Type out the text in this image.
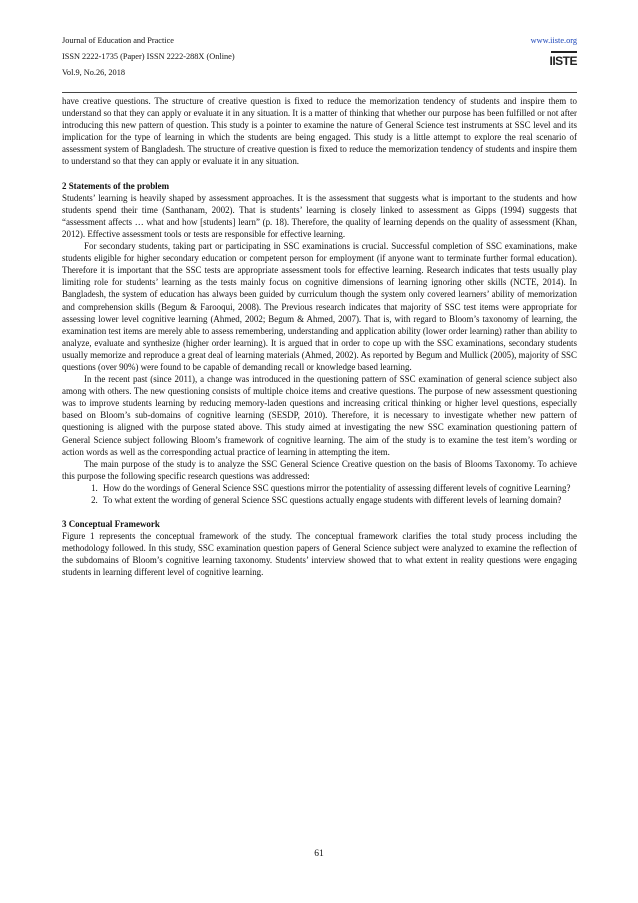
Journal of Education and Practice
ISSN 2222-1735 (Paper) ISSN 2222-288X (Online)
Vol.9, No.26, 2018
www.iiste.org
IISTE

have creative questions. The structure of creative question is fixed to reduce the memorization tendency of students and inspire them to understand so that they can apply or evaluate it in any situation. It is a matter of thinking that whether our purpose has been fulfilled or not after introducing this new pattern of question. This study is a pointer to examine the nature of General Science test instruments at SSC level and its implication for the type of learning in which the students are being engaged. This study is a little attempt to explore the real scenario of assessment system of Bangladesh. The structure of creative question is fixed to reduce the memorization tendency of students and inspire them to understand so that they can apply or evaluate it in any situation.

2 Statements of the problem

Students’ learning is heavily shaped by assessment approaches. It is the assessment that suggests what is important to the students and how students spend their time (Santhanam, 2002). That is students’ learning is closely linked to assessment as Gipps (1994) suggests that “assessment affects … what and how [students] learn” (p. 18). Therefore, the quality of learning depends on the quality of assessment (Khan, 2012). Effective assessment tools or tests are responsible for effective learning.

For secondary students, taking part or participating in SSC examinations is crucial. Successful completion of SSC examinations, make students eligible for higher secondary education or competent person for employment (if anyone want to terminate further formal education). Therefore it is important that the SSC tests are appropriate assessment tools for effective learning. Research indicates that tests usually play limiting role for students’ learning as the tests mainly focus on cognitive dimensions of learning ignoring other skills (NCTE, 2014). In Bangladesh, the system of education has always been guided by curriculum though the system only covered learners’ ability of memorization and comprehension skills (Begum & Farooqui, 2008). The Previous research indicates that majority of SSC test items were appropriate for assessing lower level cognitive learning (Ahmed, 2002; Begum & Ahmed, 2007). That is, with regard to Bloom’s taxonomy of learning, the examination test items are merely able to assess remembering, understanding and application ability (lower order learning) rather than ability to analyze, evaluate and synthesize (higher order learning). It is argued that in order to cope up with the SSC examinations, secondary students usually memorize and reproduce a great deal of learning materials (Ahmed, 2002). As reported by Begum and Mullick (2005), majority of SSC questions (over 90%) were found to be capable of demanding recall or knowledge based learning.

In the recent past (since 2011), a change was introduced in the questioning pattern of SSC examination of general science subject also among with others. The new questioning consists of multiple choice items and creative questions. The purpose of new assessment questioning was to improve students learning by reducing memory-laden questions and increasing critical thinking or higher level questions, especially based on Bloom’s sub-domains of cognitive learning (SESDP, 2010). Therefore, it is necessary to investigate whether new pattern of questioning is aligned with the purpose stated above. This study aimed at investigating the new SSC examination questioning pattern of General Science subject following Bloom’s framework of cognitive learning. The aim of the study is to examine the test item’s wording or action words as well as the corresponding actual practice of learning in attempting the item.

The main purpose of the study is to analyze the SSC General Science Creative question on the basis of Blooms Taxonomy. To achieve this purpose the following specific research questions was addressed:

1. How do the wordings of General Science SSC questions mirror the potentiality of assessing different levels of cognitive Learning?
2. To what extent the wording of general Science SSC questions actually engage students with different levels of learning domain?

3 Conceptual Framework

Figure 1 represents the conceptual framework of the study. The conceptual framework clarifies the total study process including the methodology followed. In this study, SSC examination question papers of General Science subject were analyzed to examine the reflection of the subdomains of Bloom’s cognitive learning taxonomy. Students’ interview showed that to what extent in reality questions were engaging students in learning different level of cognitive learning.

61
